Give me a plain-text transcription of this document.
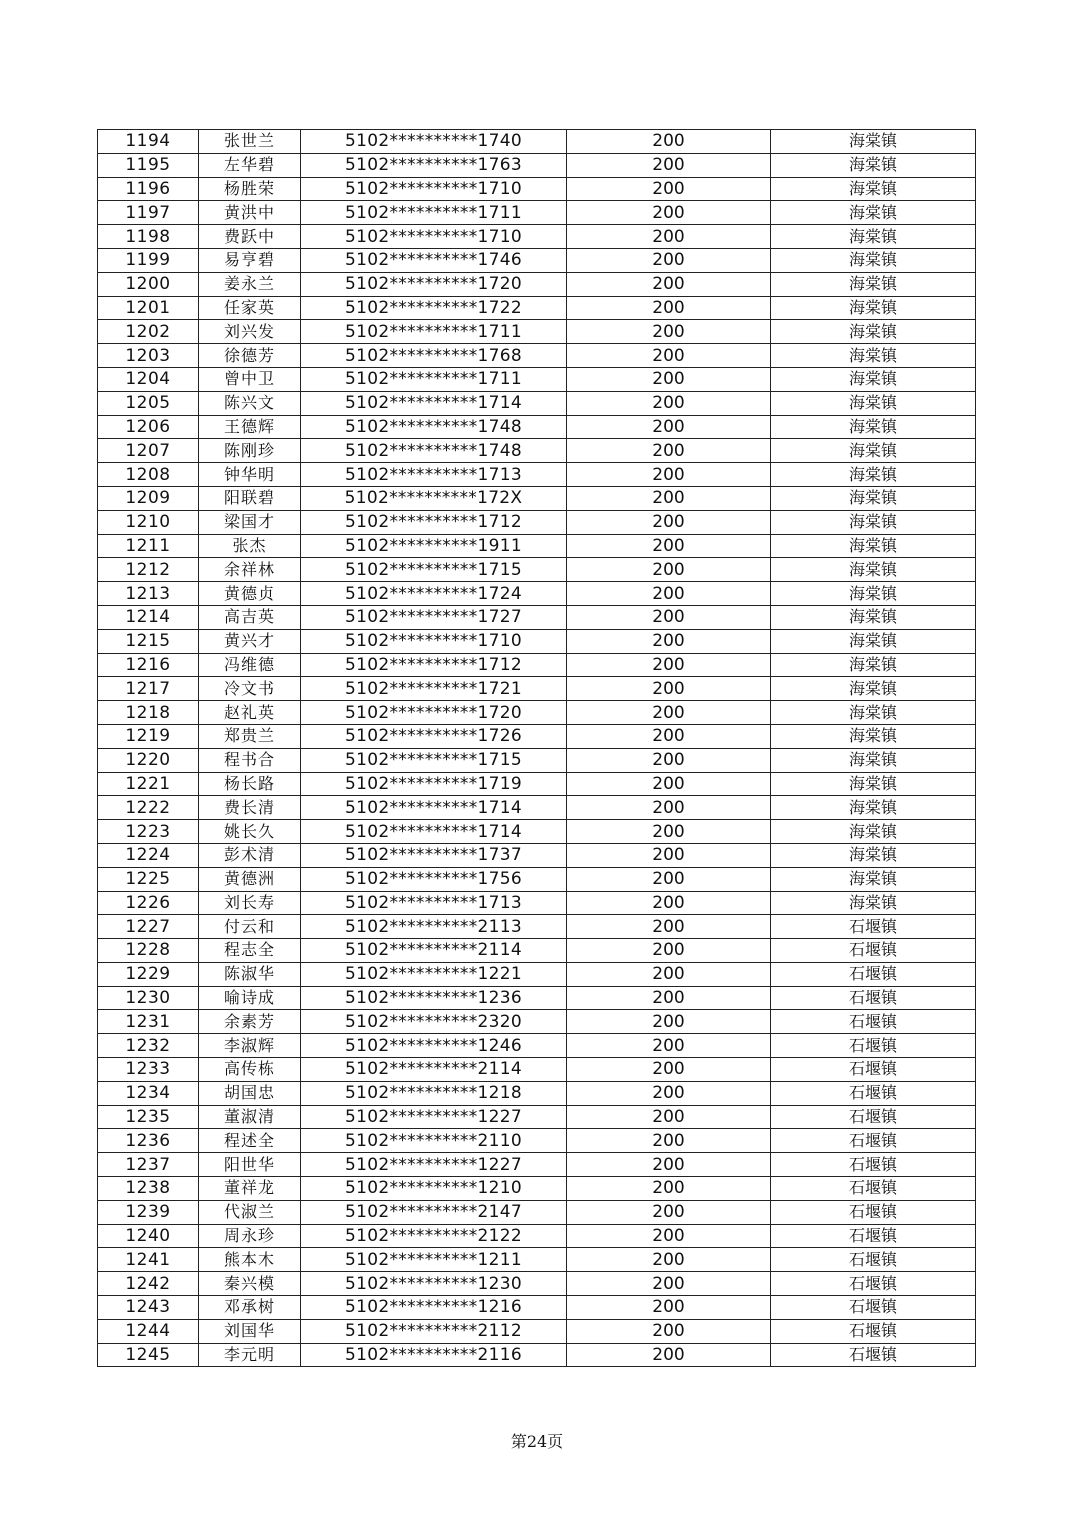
1194	张世兰	5102**********1740	200	海棠镇
1195	左华碧	5102**********1763	200	海棠镇
1196	杨胜荣	5102**********1710	200	海棠镇
1197	黄洪中	5102**********1711	200	海棠镇
1198	费跃中	5102**********1710	200	海棠镇
1199	易亨碧	5102**********1746	200	海棠镇
1200	姜永兰	5102**********1720	200	海棠镇
1201	任家英	5102**********1722	200	海棠镇
1202	刘兴发	5102**********1711	200	海棠镇
1203	徐德芳	5102**********1768	200	海棠镇
1204	曾中卫	5102**********1711	200	海棠镇
1205	陈兴文	5102**********1714	200	海棠镇
1206	王德辉	5102**********1748	200	海棠镇
1207	陈刚珍	5102**********1748	200	海棠镇
1208	钟华明	5102**********1713	200	海棠镇
1209	阳联碧	5102**********172X	200	海棠镇
1210	梁国才	5102**********1712	200	海棠镇
1211	张杰	5102**********1911	200	海棠镇
1212	余祥林	5102**********1715	200	海棠镇
1213	黄德贞	5102**********1724	200	海棠镇
1214	高吉英	5102**********1727	200	海棠镇
1215	黄兴才	5102**********1710	200	海棠镇
1216	冯维德	5102**********1712	200	海棠镇
1217	冷文书	5102**********1721	200	海棠镇
1218	赵礼英	5102**********1720	200	海棠镇
1219	郑贵兰	5102**********1726	200	海棠镇
1220	程书合	5102**********1715	200	海棠镇
1221	杨长路	5102**********1719	200	海棠镇
1222	费长清	5102**********1714	200	海棠镇
1223	姚长久	5102**********1714	200	海棠镇
1224	彭术清	5102**********1737	200	海棠镇
1225	黄德洲	5102**********1756	200	海棠镇
1226	刘长寿	5102**********1713	200	海棠镇
1227	付云和	5102**********2113	200	石堰镇
1228	程志全	5102**********2114	200	石堰镇
1229	陈淑华	5102**********1221	200	石堰镇
1230	喻诗成	5102**********1236	200	石堰镇
1231	余素芳	5102**********2320	200	石堰镇
1232	李淑辉	5102**********1246	200	石堰镇
1233	高传栋	5102**********2114	200	石堰镇
1234	胡国忠	5102**********1218	200	石堰镇
1235	董淑清	5102**********1227	200	石堰镇
1236	程述全	5102**********2110	200	石堰镇
1237	阳世华	5102**********1227	200	石堰镇
1238	董祥龙	5102**********1210	200	石堰镇
1239	代淑兰	5102**********2147	200	石堰镇
1240	周永珍	5102**********2122	200	石堰镇
1241	熊本木	5102**********1211	200	石堰镇
1242	秦兴模	5102**********1230	200	石堰镇
1243	邓承树	5102**********1216	200	石堰镇
1244	刘国华	5102**********2112	200	石堰镇
1245	李元明	5102**********2116	200	石堰镇
第24页
